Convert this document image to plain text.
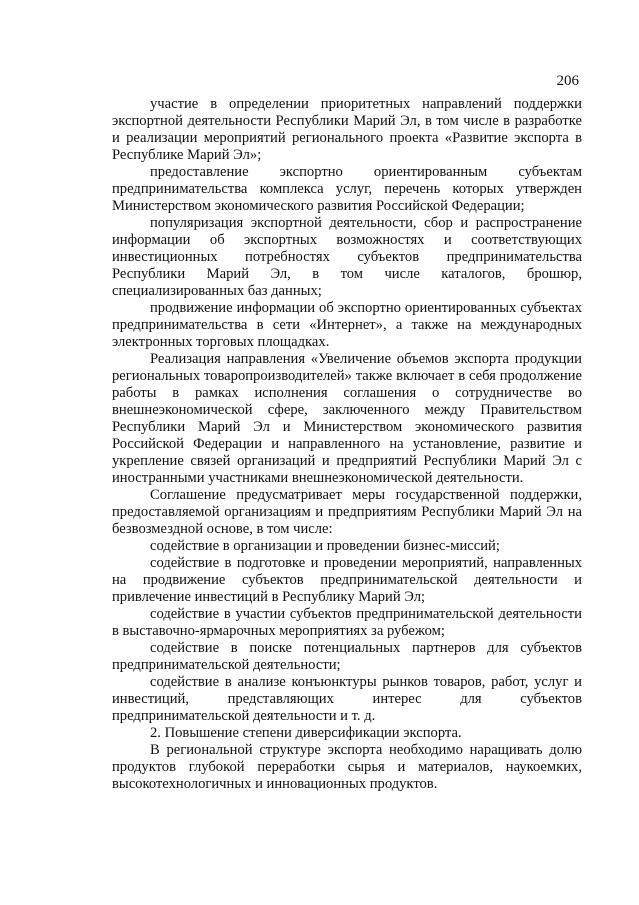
206

участие в определении приоритетных направлений поддержки экспортной деятельности Республики Марий Эл, в том числе в разработке и реализации мероприятий регионального проекта «Развитие экспорта в Республике Марий Эл»;

предоставление экспортно ориентированным субъектам предпринимательства комплекса услуг, перечень которых утвержден Министерством экономического развития Российской Федерации;

популяризация экспортной деятельности, сбор и распространение информации об экспортных возможностях и соответствующих инвестиционных потребностях субъектов предпринимательства Республики Марий Эл, в том числе каталогов, брошюр, специализированных баз данных;

продвижение информации об экспортно ориентированных субъектах предпринимательства в сети «Интернет», а также на международных электронных торговых площадках.

Реализация направления «Увеличение объемов экспорта продукции региональных товаропроизводителей» также включает в себя продолжение работы в рамках исполнения соглашения о сотрудничестве во внешнеэкономической сфере, заключенного между Правительством Республики Марий Эл и Министерством экономического развития Российской Федерации и направленного на установление, развитие и укрепление связей организаций и предприятий Республики Марий Эл с иностранными участниками внешнеэкономической деятельности.

Соглашение предусматривает меры государственной поддержки, предоставляемой организациям и предприятиям Республики Марий Эл на безвозмездной основе, в том числе:

содействие в организации и проведении бизнес-миссий;

содействие в подготовке и проведении мероприятий, направленных на продвижение субъектов предпринимательской деятельности и привлечение инвестиций в Республику Марий Эл;

содействие в участии субъектов предпринимательской деятельности в выставочно-ярмарочных мероприятиях за рубежом;

содействие в поиске потенциальных партнеров для субъектов предпринимательской деятельности;

содействие в анализе конъюнктуры рынков товаров, работ, услуг и инвестиций, представляющих интерес для субъектов предпринимательской деятельности и т. д.

2. Повышение степени диверсификации экспорта.

В региональной структуре экспорта необходимо наращивать долю продуктов глубокой переработки сырья и материалов, наукоемких, высокотехнологичных и инновационных продуктов.
